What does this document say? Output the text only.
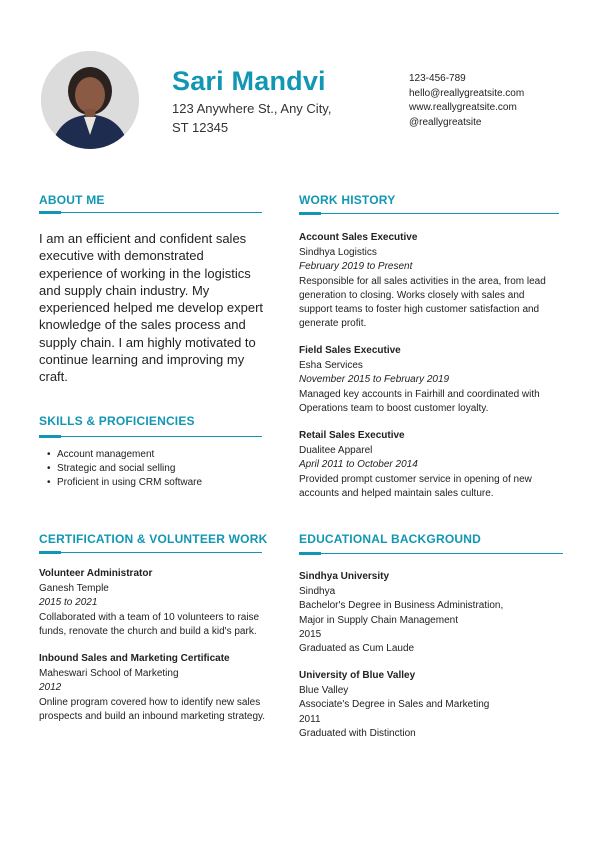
Sari Mandvi
123 Anywhere St., Any City,
ST 12345
123-456-789
hello@reallygreatsite.com
www.reallygreatsite.com
@reallygreatsite
ABOUT ME
I am an efficient and confident sales executive with demonstrated experience of working in the logistics and supply chain industry. My experienced helped me develop expert knowledge of the sales process and supply chain. I am highly motivated to continue learning and improving my craft.
SKILLS & PROFICIENCIES
• Account management
• Strategic and social selling
• Proficient in using CRM software
CERTIFICATION & VOLUNTEER WORK
Volunteer Administrator
Ganesh Temple
2015 to 2021
Collaborated with a team of 10 volunteers to raise funds, renovate the church and build a kid's park.
Inbound Sales and Marketing Certificate
Maheswari School of Marketing
2012
Online program covered how to identify new sales prospects and build an inbound marketing strategy.
WORK HISTORY
Account Sales Executive
Sindhya Logistics
February 2019 to Present
Responsible for all sales activities in the area, from lead generation to closing. Works closely with sales and support teams to foster high customer satisfaction and generate profit.
Field Sales Executive
Esha Services
November 2015 to February 2019
Managed key accounts in Fairhill and coordinated with Operations team to boost customer loyalty.
Retail Sales Executive
Dualitee Apparel
April 2011 to October 2014
Provided prompt customer service in opening of new accounts and helped maintain sales culture.
EDUCATIONAL BACKGROUND
Sindhya University
Sindhya
Bachelor's Degree in Business Administration,
Major in Supply Chain Management
2015
Graduated as Cum Laude
University of Blue Valley
Blue Valley
Associate's Degree in Sales and Marketing
2011
Graduated with Distinction
